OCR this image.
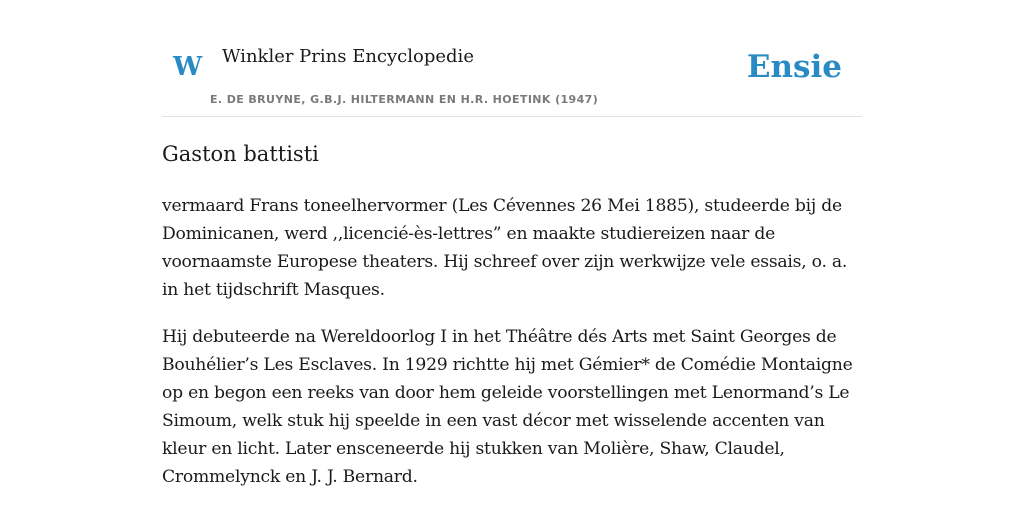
W Winkler Prins Encyclopedie
E. DE BRUYNE, G.B.J. HILTERMANN EN H.R. HOETINK (1947)
Ensie
Gaston battisti

vermaard Frans toneelhervormer (Les Cévennes 26 Mei 1885), studeerde bij de Dominicanen, werd ,,licencié-ès-lettres” en maakte studiereizen naar de voornaamste Europese theaters. Hij schreef over zijn werkwijze vele essais, o. a. in het tijdschrift Masques.

Hij debuteerde na Wereldoorlog I in het Théâtre dés Arts met Saint Georges de Bouhélier’s Les Esclaves. In 1929 richtte hij met Gémier* de Comédie Montaigne op en begon een reeks van door hem geleide voorstellingen met Lenormand’s Le Simoum, welk stuk hij speelde in een vast décor met wisselende accenten van kleur en licht. Later ensceneerde hij stukken van Molière, Shaw, Claudel, Crommelynck en J. J. Bernard.
